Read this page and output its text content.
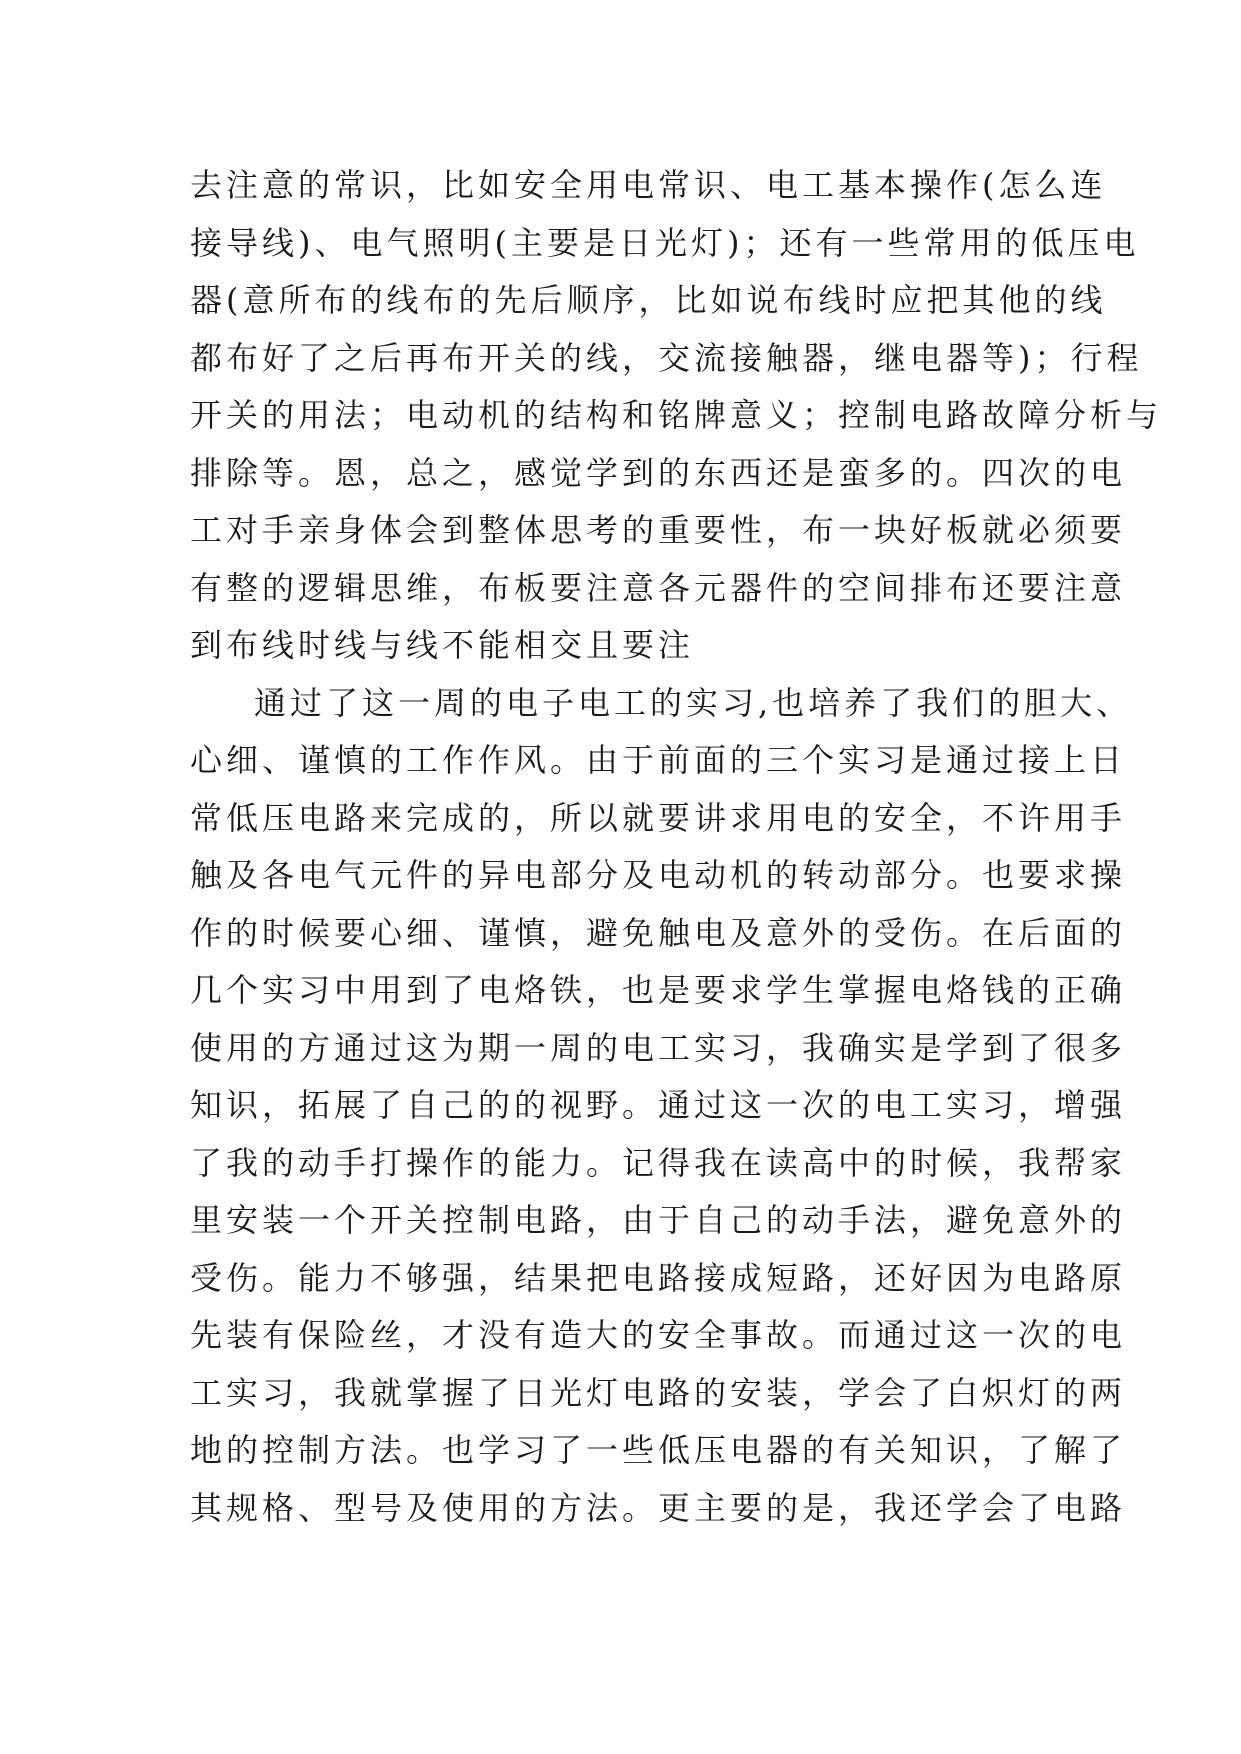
去注意的常识，比如安全用电常识、电工基本操作(怎么连
接导线)、电气照明(主要是日光灯)；还有一些常用的低压电
器(意所布的线布的先后顺序，比如说布线时应把其他的线
都布好了之后再布开关的线，交流接触器，继电器等)；行程
开关的用法；电动机的结构和铭牌意义；控制电路故障分析与
排除等。恩，总之，感觉学到的东西还是蛮多的。四次的电
工对手亲身体会到整体思考的重要性，布一块好板就必须要
有整的逻辑思维，布板要注意各元器件的空间排布还要注意
到布线时线与线不能相交且要注
通过了这一周的电子电工的实习,也培养了我们的胆大、
心细、谨慎的工作作风。由于前面的三个实习是通过接上日
常低压电路来完成的，所以就要讲求用电的安全，不许用手
触及各电气元件的异电部分及电动机的转动部分。也要求操
作的时候要心细、谨慎，避免触电及意外的受伤。在后面的
几个实习中用到了电烙铁，也是要求学生掌握电烙钱的正确
使用的方通过这为期一周的电工实习，我确实是学到了很多
知识，拓展了自己的的视野。通过这一次的电工实习，增强
了我的动手打操作的能力。记得我在读高中的时候，我帮家
里安装一个开关控制电路，由于自己的动手法，避免意外的
受伤。能力不够强，结果把电路接成短路，还好因为电路原
先装有保险丝，才没有造大的安全事故。而通过这一次的电
工实习，我就掌握了日光灯电路的安装，学会了白炽灯的两
地的控制方法。也学习了一些低压电器的有关知识，了解了
其规格、型号及使用的方法。更主要的是，我还学会了电路
